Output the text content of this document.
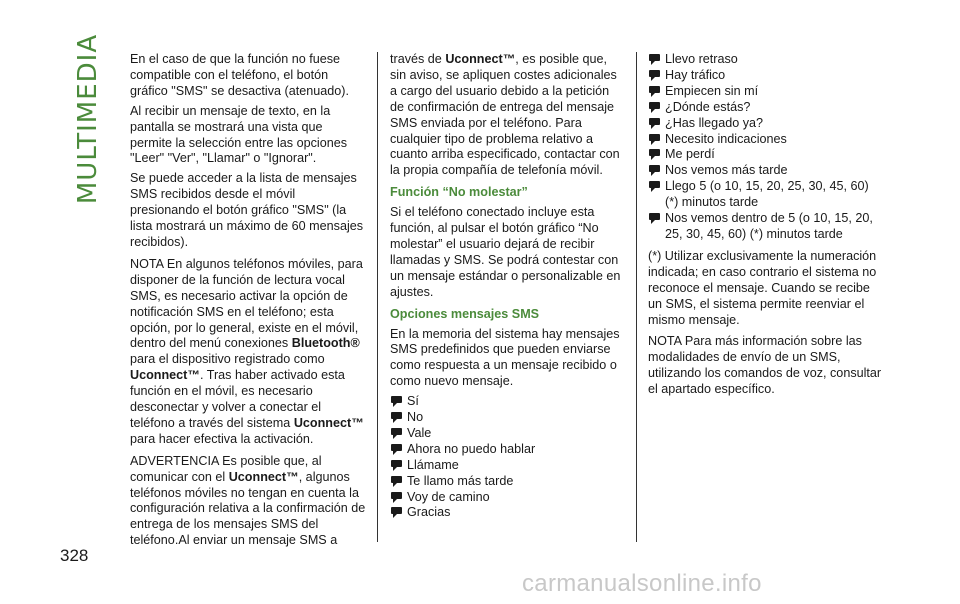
MULTIMEDIA
328

En el caso de que la función no fuese compatible con el teléfono, el botón gráfico "SMS" se desactiva (atenuado).

Al recibir un mensaje de texto, en la pantalla se mostrará una vista que permite la selección entre las opciones "Leer" "Ver", "Llamar" o "Ignorar".

Se puede acceder a la lista de mensajes SMS recibidos desde el móvil presionando el botón gráfico "SMS" (la lista mostrará un máximo de 60 mensajes recibidos).

NOTA En algunos teléfonos móviles, para disponer de la función de lectura vocal SMS, es necesario activar la opción de notificación SMS en el teléfono; esta opción, por lo general, existe en el móvil, dentro del menú conexiones Bluetooth® para el dispositivo registrado como Uconnect™. Tras haber activado esta función en el móvil, es necesario desconectar y volver a conectar el teléfono a través del sistema Uconnect™ para hacer efectiva la activación.

ADVERTENCIA Es posible que, al comunicar con el Uconnect™, algunos teléfonos móviles no tengan en cuenta la configuración relativa a la confirmación de entrega de los mensajes SMS del teléfono.Al enviar un mensaje SMS a

través de Uconnect™, es posible que, sin aviso, se apliquen costes adicionales a cargo del usuario debido a la petición de confirmación de entrega del mensaje SMS enviada por el teléfono. Para cualquier tipo de problema relativo a cuanto arriba especificado, contactar con la propia compañía de telefonía móvil.

Función “No molestar”

Si el teléfono conectado incluye esta función, al pulsar el botón gráfico “No molestar” el usuario dejará de recibir llamadas y SMS. Se podrá contestar con un mensaje estándar o personalizable en ajustes.

Opciones mensajes SMS

En la memoria del sistema hay mensajes SMS predefinidos que pueden enviarse como respuesta a un mensaje recibido o como nuevo mensaje.

Sí
No
Vale
Ahora no puedo hablar
Llámame
Te llamo más tarde
Voy de camino
Gracias
Llevo retraso
Hay tráfico
Empiecen sin mí
¿Dónde estás?
¿Has llegado ya?
Necesito indicaciones
Me perdí
Nos vemos más tarde
Llego 5 (o 10, 15, 20, 25, 30, 45, 60) (*) minutos tarde
Nos vemos dentro de 5 (o 10, 15, 20, 25, 30, 45, 60) (*) minutos tarde

(*) Utilizar exclusivamente la numeración indicada; en caso contrario el sistema no reconoce el mensaje. Cuando se recibe un SMS, el sistema permite reenviar el mismo mensaje.

NOTA Para más información sobre las modalidades de envío de un SMS, utilizando los comandos de voz, consultar el apartado específico.

carmanualsonline.info
